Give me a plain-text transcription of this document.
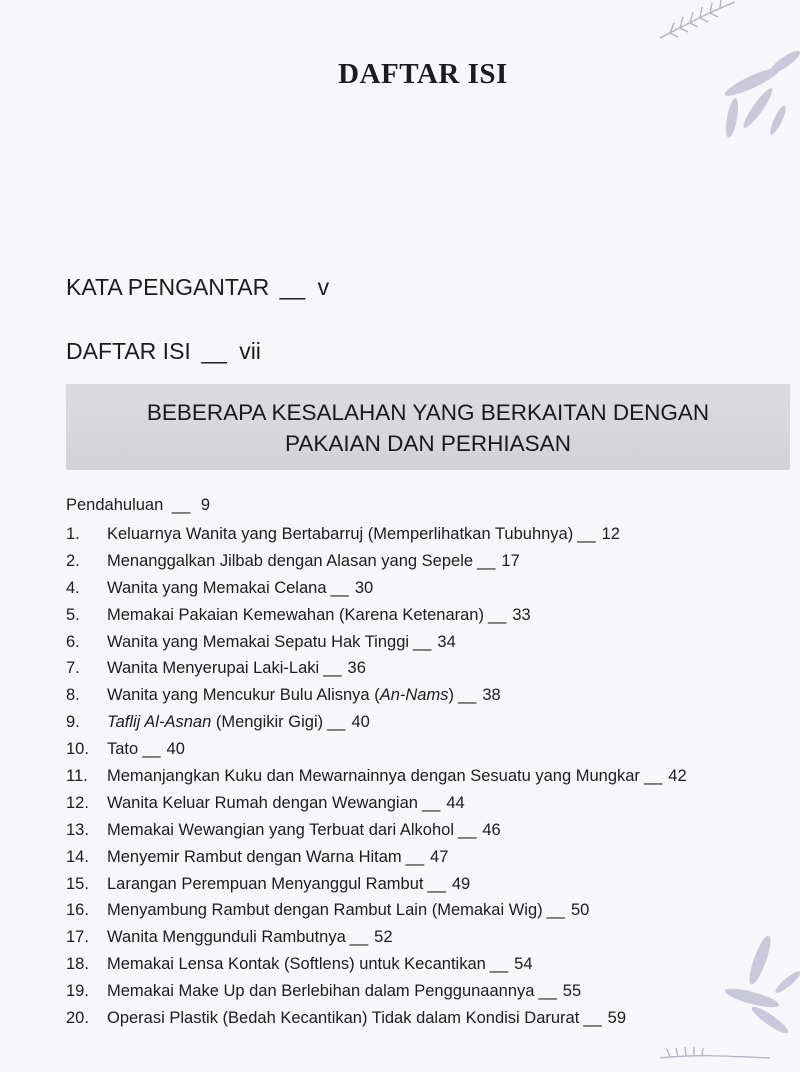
DAFTAR ISI
KATA PENGANTAR __ v
DAFTAR ISI __ vii
BEBERAPA KESALAHAN YANG BERKAITAN DENGAN
PAKAIAN DAN PERHIASAN
Pendahuluan __ 9
1.	Keluarnya Wanita yang Bertabarruj (Memperlihatkan Tubuhnya) __ 12
2.	Menanggalkan Jilbab dengan Alasan yang Sepele __ 17
4.	Wanita yang Memakai Celana __ 30
5.	Memakai Pakaian Kemewahan (Karena Ketenaran) __ 33
6.	Wanita yang Memakai Sepatu Hak Tinggi __ 34
7.	Wanita Menyerupai Laki-Laki __ 36
8.	Wanita yang Mencukur Bulu Alisnya (An-Nams) __ 38
9.	Taflij Al-Asnan (Mengikir Gigi) __ 40
10.	Tato __ 40
11.	Memanjangkan Kuku dan Mewarnainnya dengan Sesuatu yang Mungkar __ 42
12.	Wanita Keluar Rumah dengan Wewangian __ 44
13.	Memakai Wewangian yang Terbuat dari Alkohol __ 46
14.	Menyemir Rambut dengan Warna Hitam __ 47
15.	Larangan Perempuan Menyanggul Rambut __ 49
16.	Menyambung Rambut dengan Rambut Lain (Memakai Wig) __ 50
17.	Wanita Menggunduli Rambutnya __ 52
18.	Memakai Lensa Kontak (Softlens) untuk Kecantikan __ 54
19.	Memakai Make Up dan Berlebihan dalam Penggunaannya __ 55
20.	Operasi Plastik (Bedah Kecantikan) Tidak dalam Kondisi Darurat __ 59
